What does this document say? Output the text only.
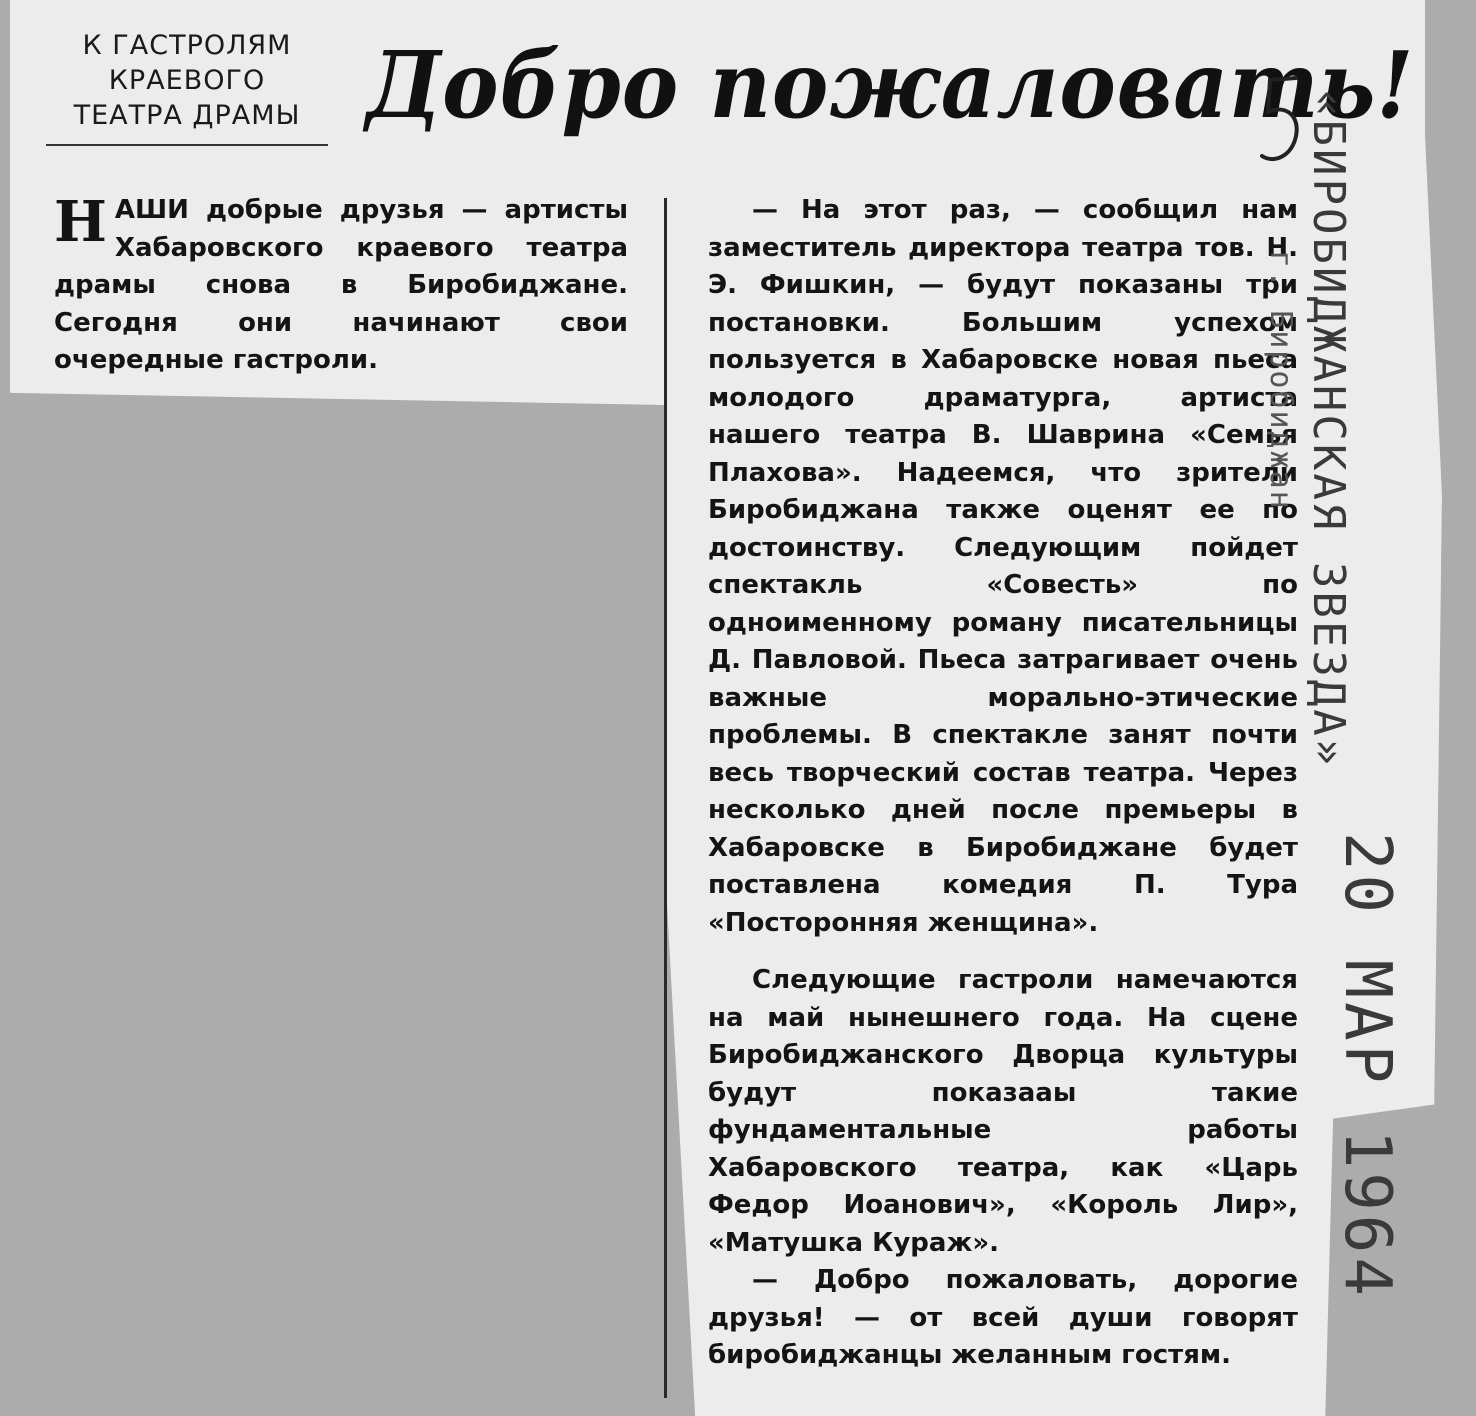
К ГАСТРОЛЯМ
КРАЕВОГО
ТЕАТРА ДРАМЫ Добро пожаловать!

НАШИ добрые друзья — артисты Хабаровского краевого театра драмы снова в Биробиджане. Сегодня они начинают свои очередные гастроли.

— На этот раз, — сообщил нам заместитель директора театра тов. Н. Э. Фишкин, — будут показаны три постановки. Большим успехом пользуется в Хабаровске новая пьеса молодого драматурга, артиста нашего театра В. Шаврина «Семья Плахова». Надеемся, что зрители Биробиджана также оценят ее по достоинству. Следующим пойдет спектакль «Совесть» по одноименному роману писательницы Д. Павловой. Пьеса затрагивает очень важные морально-этические проблемы. В спектакле занят почти весь творческий состав театра. Через несколько дней после премьеры в Хабаровске в Биробиджане будет поставлена комедия П. Тура «Посторонняя женщина».

Следующие гастроли намечаются на май нынешнего года. На сцене Биробиджанского Дворца культуры будут показааы такие фундаментальные работы Хабаровского театра, как «Царь Федор Иоанович», «Король Лир», «Матушка Кураж».

— Добро пожаловать, дорогие друзья! — от всей души говорят биробиджанцы желанным гостям.

«БИРОБИДЖАНСКАЯ ЗВЕЗДА»
г. Биробиджан
20 МАР 1964
